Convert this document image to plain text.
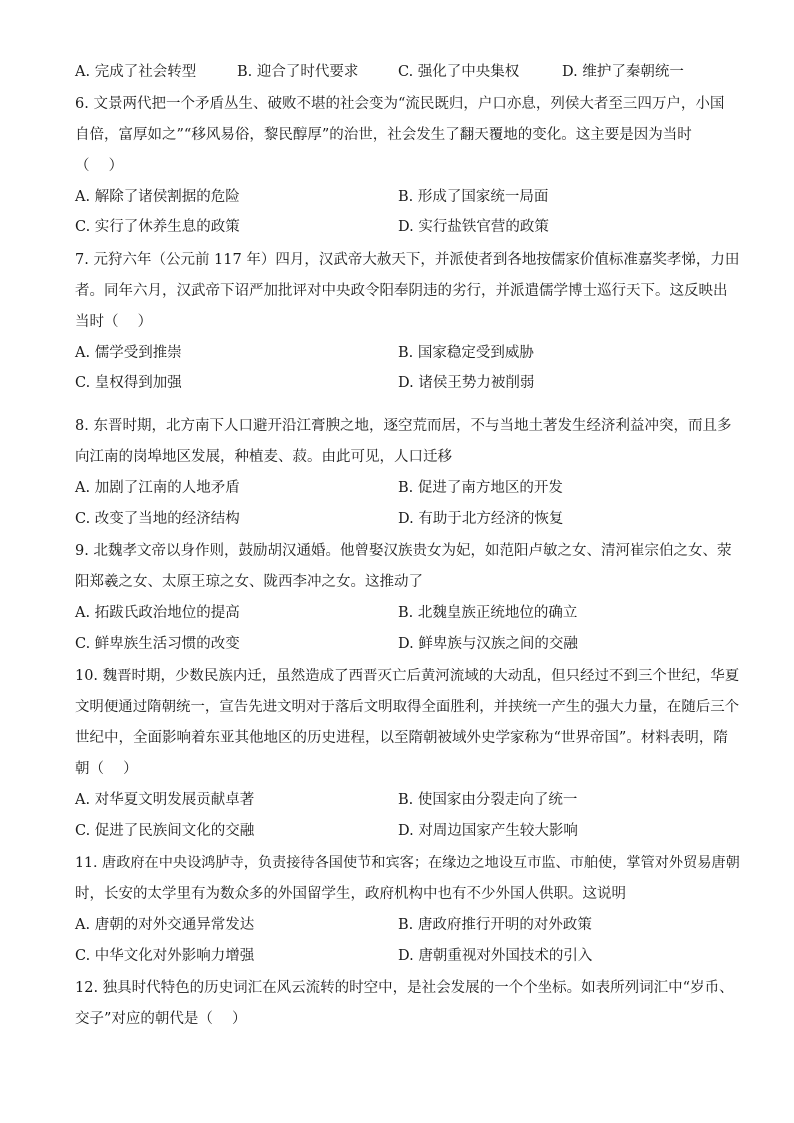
A. 完成了社会转型	B. 迎合了时代要求	C. 强化了中央集权	D. 维护了秦朝统一
6. 文景两代把一个矛盾丛生、破败不堪的社会变为“流民既归，户口亦息，列侯大者至三四万户，小国
自倍，富厚如之”“移风易俗，黎民醇厚”的治世，社会发生了翻天覆地的变化。这主要是因为当时
（　 ）
A. 解除了诸侯割据的危险	B. 形成了国家统一局面
C. 实行了休养生息的政策	D. 实行盐铁官营的政策
7. 元狩六年（公元前 117 年）四月，汉武帝大赦天下，并派使者到各地按儒家价值标准嘉奖孝悌，力田
者。同年六月，汉武帝下诏严加批评对中央政令阳奉阴违的劣行，并派遣儒学博士巡行天下。这反映出
当时（　 ）
A. 儒学受到推崇	B. 国家稳定受到威胁
C. 皇权得到加强	D. 诸侯王势力被削弱
8. 东晋时期，北方南下人口避开沿江膏腴之地，逐空荒而居，不与当地土著发生经济利益冲突，而且多
向江南的岗埠地区发展，种植麦、菽。由此可见，人口迁移
A. 加剧了江南的人地矛盾	B. 促进了南方地区的开发
C. 改变了当地的经济结构	D. 有助于北方经济的恢复
9. 北魏孝文帝以身作则，鼓励胡汉通婚。他曾娶汉族贵女为妃，如范阳卢敏之女、清河崔宗伯之女、荥
阳郑羲之女、太原王琼之女、陇西李冲之女。这推动了
A. 拓跋氏政治地位的提高	B. 北魏皇族正统地位的确立
C. 鲜卑族生活习惯的改变	D. 鲜卑族与汉族之间的交融
10. 魏晋时期，少数民族内迁，虽然造成了西晋灭亡后黄河流域的大动乱，但只经过不到三个世纪，华夏
文明便通过隋朝统一，宣告先进文明对于落后文明取得全面胜利，并挟统一产生的强大力量，在随后三个
世纪中，全面影响着东亚其他地区的历史进程，以至隋朝被域外史学家称为“世界帝国”。材料表明，隋
朝（　 ）
A. 对华夏文明发展贡献卓著	B. 使国家由分裂走向了统一
C. 促进了民族间文化的交融	D. 对周边国家产生较大影响
11. 唐政府在中央设鸿胪寺，负责接待各国使节和宾客；在缘边之地设互市监、市舶使，掌管对外贸易唐朝
时，长安的太学里有为数众多的外国留学生，政府机构中也有不少外国人供职。这说明
A. 唐朝的对外交通异常发达	B. 唐政府推行开明的对外政策
C. 中华文化对外影响力增强	D. 唐朝重视对外国技术的引入
12. 独具时代特色的历史词汇在风云流转的时空中，是社会发展的一个个坐标。如表所列词汇中“岁币、
交子”对应的朝代是（　 ）
